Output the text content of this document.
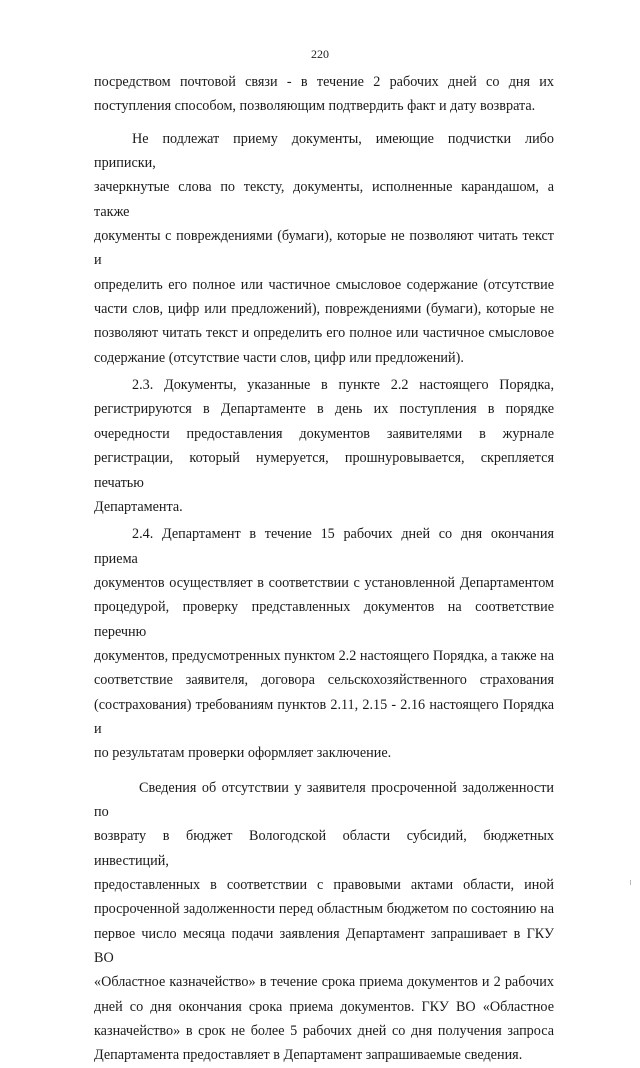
220
посредством почтовой связи - в течение 2 рабочих дней со дня их
поступления способом, позволяющим подтвердить факт и дату возврата.
Не подлежат приему документы, имеющие подчистки либо приписки,
зачеркнутые слова по тексту, документы, исполненные карандашом, а также
документы с повреждениями (бумаги), которые не позволяют читать текст и
определить его полное или частичное смысловое содержание (отсутствие
части слов, цифр или предложений), повреждениями (бумаги), которые не
позволяют читать текст и определить его полное или частичное смысловое
содержание (отсутствие части слов, цифр или предложений).
2.3. Документы, указанные в пункте 2.2 настоящего Порядка,
регистрируются в Департаменте в день их поступления в порядке
очередности предоставления документов заявителями в журнале
регистрации, который нумеруется, прошнуровывается, скрепляется печатью
Департамента.
2.4. Департамент в течение 15 рабочих дней со дня окончания приема
документов осуществляет в соответствии с установленной Департаментом
процедурой, проверку представленных документов на соответствие перечню
документов, предусмотренных пунктом 2.2 настоящего Порядка, а также на
соответствие заявителя, договора сельскохозяйственного страхования
(сострахования) требованиям пунктов 2.11, 2.15 - 2.16 настоящего Порядка и
по результатам проверки оформляет заключение.
Сведения об отсутствии у заявителя просроченной задолженности по
возврату в бюджет Вологодской области субсидий, бюджетных инвестиций,
предоставленных в соответствии с правовыми актами области, иной
просроченной задолженности перед областным бюджетом по состоянию на
первое число месяца подачи заявления Департамент запрашивает в ГКУ ВО
«Областное казначейство» в течение срока приема документов и 2 рабочих
дней со дня окончания срока приема документов. ГКУ ВО «Областное
казначейство» в срок не более 5 рабочих дней со дня получения запроса
Департамента предоставляет в Департамент запрашиваемые сведения.
